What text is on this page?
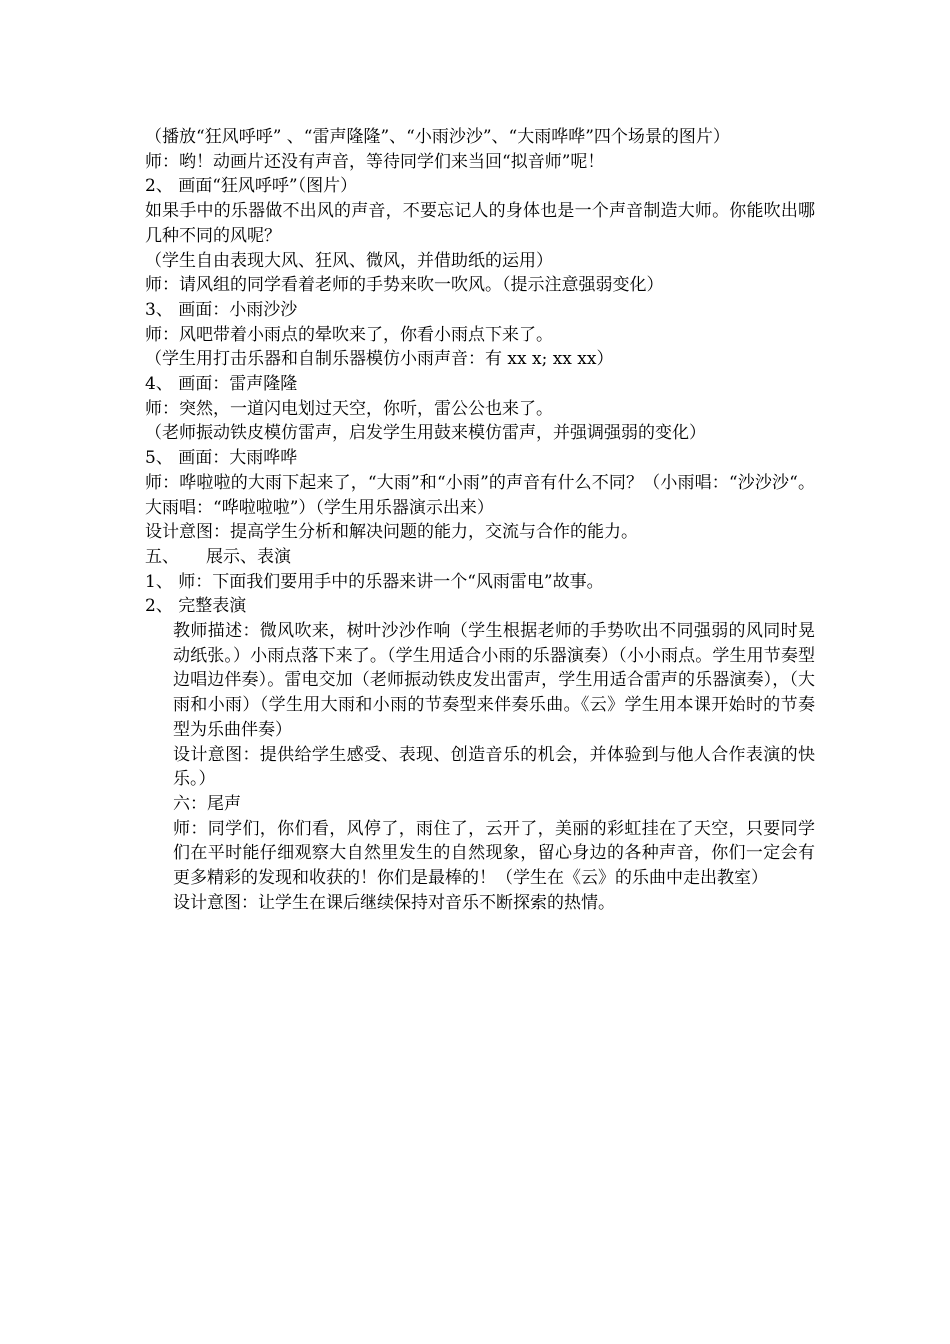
（播放“狂风呼呼” 、“雷声隆隆”、“小雨沙沙”、“大雨哗哗”四个场景的图片）
师：哟！动画片还没有声音，等待同学们来当回“拟音师”呢！
2、 画面“狂风呼呼”（图片）
如果手中的乐器做不出风的声音，不要忘记人的身体也是一个声音制造大师。你能吹出哪几种不同的风呢？
（学生自由表现大风、狂风、微风，并借助纸的运用）
师：请风组的同学看着老师的手势来吹一吹风。（提示注意强弱变化）
3、 画面：小雨沙沙
师：风吧带着小雨点的晕吹来了，你看小雨点下来了。
（学生用打击乐器和自制乐器模仿小雨声音：有 xx x; xx xx）
4、 画面：雷声隆隆
师：突然，一道闪电划过天空，你听，雷公公也来了。
（老师振动铁皮模仿雷声，启发学生用鼓来模仿雷声，并强调强弱的变化）
5、 画面：大雨哗哗
师：哗啦啦的大雨下起来了，“大雨”和“小雨”的声音有什么不同？（小雨唱：“沙沙沙“。 大雨唱：“哗啦啦啦”）（学生用乐器演示出来）
设计意图：提高学生分析和解决问题的能力，交流与合作的能力。
五、     展示、表演
1、 师：下面我们要用手中的乐器来讲一个“风雨雷电”故事。
2、 完整表演
教师描述：微风吹来，树叶沙沙作响（学生根据老师的手势吹出不同强弱的风同时晃动纸张。）小雨点落下来了。（学生用适合小雨的乐器演奏）（小小雨点。学生用节奏型边唱边伴奏）。雷电交加（老师振动铁皮发出雷声，学生用适合雷声的乐器演奏），（大雨和小雨）（学生用大雨和小雨的节奏型来伴奏乐曲。《云》学生用本课开始时的节奏型为乐曲伴奏）
设计意图：提供给学生感受、表现、创造音乐的机会，并体验到与他人合作表演的快乐。）
六：尾声
师：同学们，你们看，风停了，雨住了，云开了，美丽的彩虹挂在了天空，只要同学们在平时能仔细观察大自然里发生的自然现象，留心身边的各种声音，你们一定会有更多精彩的发现和收获的！你们是最棒的！（学生在《云》的乐曲中走出教室）
设计意图：让学生在课后继续保持对音乐不断探索的热情。
